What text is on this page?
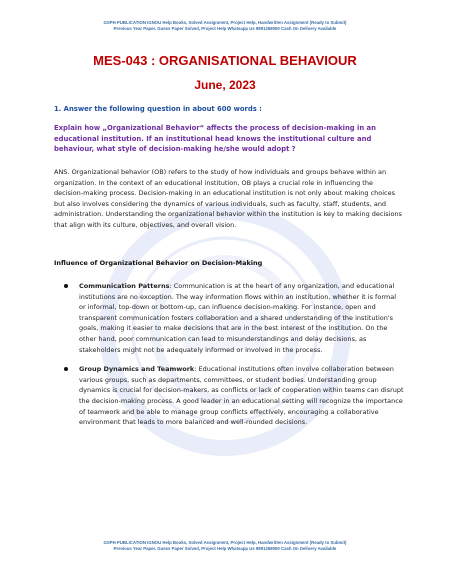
GSPH PUBLICATION IGNOU Help Books, Solved Assignment, Project Help, Handwritten Assignment (Ready to Submit)
Previous Year Paper, Guess Paper Solved, Project Help Whatsapp Us 9891268050 Cash On Delivery Available
MES-043 : ORGANISATIONAL BEHAVIOUR
June, 2023
1. Answer the following question in about 600 words :
Explain how „Organizational Behavior“ affects the process of decision-making in an educational institution. If an institutional head knows the institutional culture and behaviour, what style of decision-making he/she would adopt ?
ANS. Organizational behavior (OB) refers to the study of how individuals and groups behave within an organization. In the context of an educational institution, OB plays a crucial role in influencing the decision-making process. Decision-making in an educational institution is not only about making choices but also involves considering the dynamics of various individuals, such as faculty, staff, students, and administration. Understanding the organizational behavior within the institution is key to making decisions that align with its culture, objectives, and overall vision.
Influence of Organizational Behavior on Decision-Making
Communication Patterns: Communication is at the heart of any organization, and educational institutions are no exception. The way information flows within an institution, whether it is formal or informal, top-down or bottom-up, can influence decision-making. For instance, open and transparent communication fosters collaboration and a shared understanding of the institution's goals, making it easier to make decisions that are in the best interest of the institution. On the other hand, poor communication can lead to misunderstandings and delay decisions, as stakeholders might not be adequately informed or involved in the process.
Group Dynamics and Teamwork: Educational institutions often involve collaboration between various groups, such as departments, committees, or student bodies. Understanding group dynamics is crucial for decision-makers, as conflicts or lack of cooperation within teams can disrupt the decision-making process. A good leader in an educational setting will recognize the importance of teamwork and be able to manage group conflicts effectively, encouraging a collaborative environment that leads to more balanced and well-rounded decisions.
GSPH PUBLICATION IGNOU Help Books, Solved Assignment, Project Help, Handwritten Assignment (Ready to Submit)
Previous Year Paper, Guess Paper Solved, Project Help Whatsapp Us 9891268050 Cash On Delivery Available
